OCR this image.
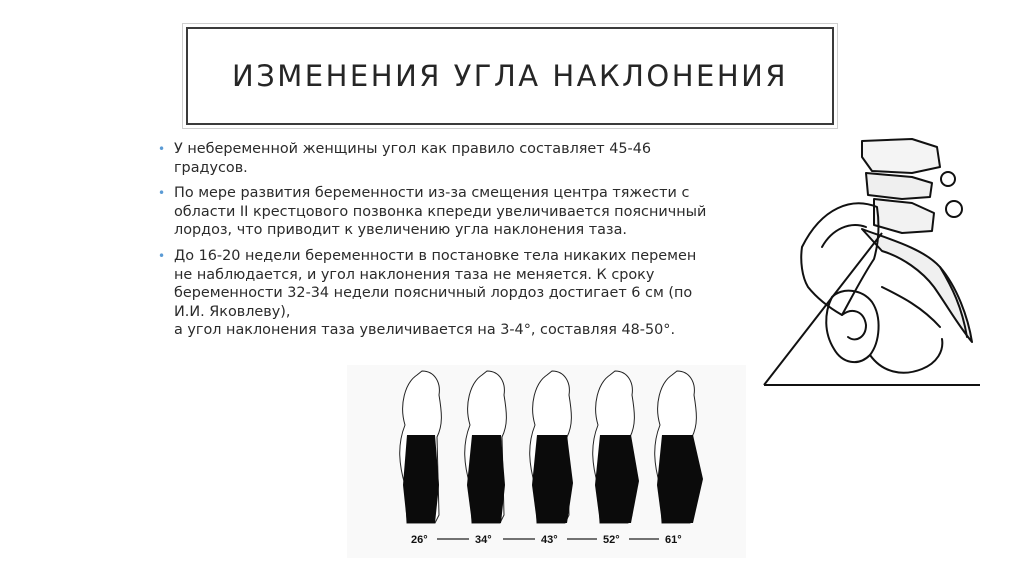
ИЗМЕНЕНИЯ УГЛА НАКЛОНЕНИЯ
• У небеременной женщины угол как правило составляет 45-46
градусов.
• По мере развития беременности из-за смещения центра тяжести с
области II крестцового позвонка кпереди увеличивается поясничный
лордоз, что приводит к увеличению угла наклонения таза.
• До 16-20 недели беременности в постановке тела никаких перемен
не наблюдается, и угол наклонения таза не меняется. К сроку
беременности 32-34 недели поясничный лордоз достигает 6 см (по
И.И. Яковлеву),
а угол наклонения таза увеличивается на 3-4°, составляя 48-50°.
26°	34°	43°	52°	61°
